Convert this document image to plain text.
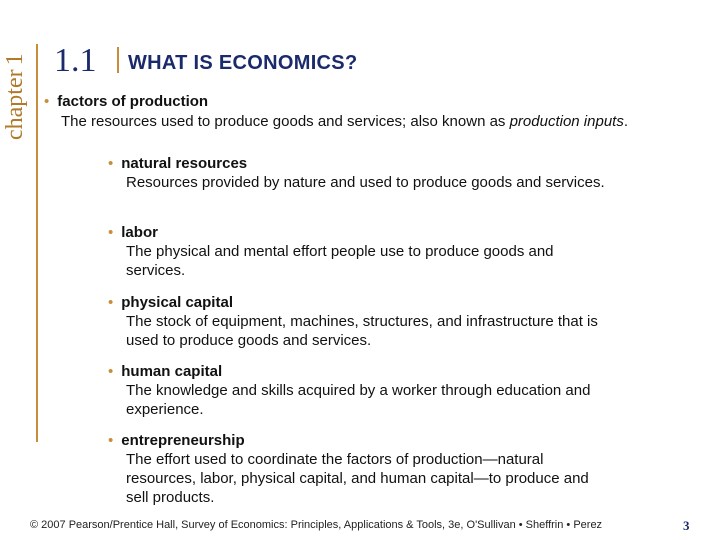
chapter1 1.1 WHAT IS ECONOMICS?
• factors of production
The resources used to produce goods and services; also known as production inputs.
• natural resources
Resources provided by nature and used to produce goods and services.
• labor
The physical and mental effort people use to produce goods and services.
• physical capital
The stock of equipment, machines, structures, and infrastructure that is used to produce goods and services.
• human capital
The knowledge and skills acquired by a worker through education and experience.
• entrepreneurship
The effort used to coordinate the factors of production—natural resources, labor, physical capital, and human capital—to produce and sell products.
© 2007 Pearson/Prentice Hall, Survey of Economics: Principles, Applications & Tools, 3e, O'Sullivan • Sheffrin • Perez	3
